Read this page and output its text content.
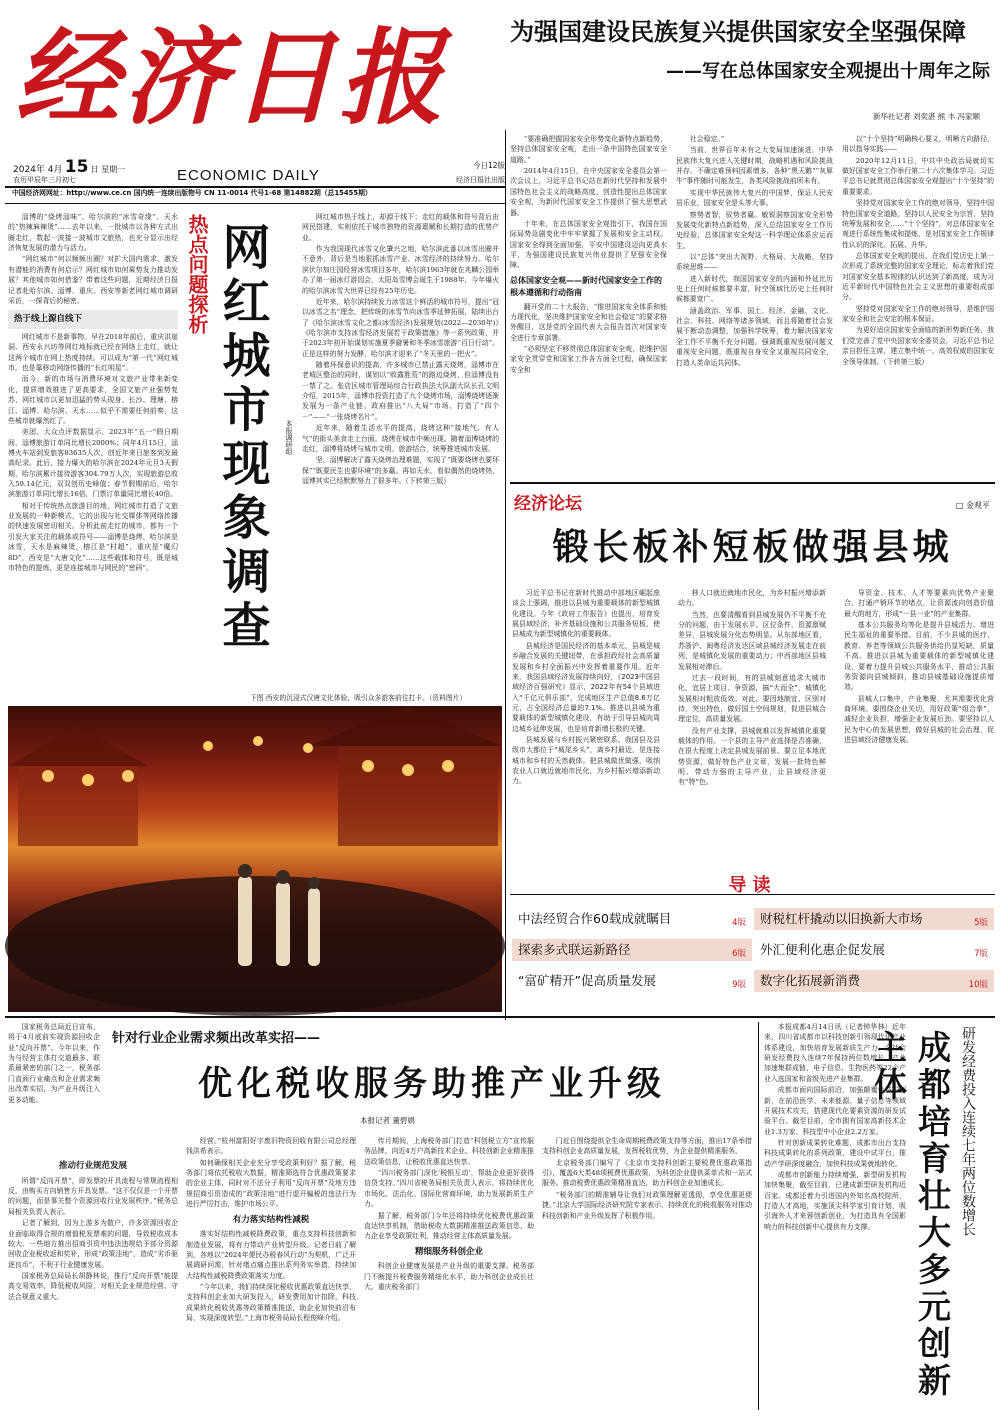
经济日报
2024年 4月 15 日 星期一
农历甲辰年三月初七	ECONOMIC DAILY
今日12版
经济日报社出版
中国经济网网址：http://www.ce.cn 国内统一连续出版物号 CN 11-0014 代号1-68 第14882期（总15455期）
为强国建设民族复兴提供国家安全坚强保障
——写在总体国家安全观提出十周年之际
新华社记者 刘奕湛 熊 丰 冯家顺

“要准确把握国家安全形势变化新特点新趋势，坚持总体国家安全观，走出一条中国特色国家安全道路。”

2014年4月15日，在中央国家安全委员会第一次会议上，习近平总书记站在新时代坚持和发展中国特色社会主义的战略高度，创造性提出总体国家安全观，为新时代国家安全工作提供了强大思想武器。

十年来，在总体国家安全观指引下，我国在国际局势急剧变化中牢牢掌握了发展和安全主动权。国家安全得到全面加强，平安中国建设迈向更高水平，为强国建设民族复兴伟业提供了坚强安全保障。

总体国家安全观——新时代国家安全工作的根本遵循和行动指南

翻开党的二十大报告，“推进国家安全体系和能力现代化，坚决维护国家安全和社会稳定”的要求格外醒目，这是党的全国代表大会报告首次对国家安全进行专章部署。

“必须坚定不移贯彻总体国家安全观，把维护国家安全贯穿党和国家工作各方面全过程，确保国家安全和

社会稳定。”

当前，世界百年未有之大变局加速演进，中华民族伟大复兴进入关键时期，战略机遇和风险挑战并存、不确定难预料因素增多，各种“黑天鹅”“灰犀牛”事件随时可能发生，各类风险挑战前所未有。

实现中华民族伟大复兴的中国梦，保证人民安居乐业，国家安全是头等大事。

察势者智，驭势者赢。敏锐洞察国家安全形势发展变化新特点新趋势，深入总结国家安全工作历史经验，总体国家安全观这一科学理论体系应运而生。

以“总体”突出大视野、大格局、大战略，坚持系统思维——

进入新时代，我国国家安全的内涵和外延比历史上任何时候都要丰富，时空领域比历史上任何时候都要宽广。

涵盖政治、军事、国土、经济、金融、文化、社会、科技、网络等诸多领域，而且将随着社会发展不断动态调整，加强科学统筹，着力解决国家安全工作不平衡不充分问题。强调既重视发展问题又重视安全问题，既重视自身安全又重视共同安全，打造人类命运共同体。

以“十个坚持”明确核心要义，明晰方向路径，用以指导实践——

2020年12月11日，中共中央政治局就切实做好国家安全工作举行第二十六次集体学习。习近平总书记就贯彻总体国家安全观提出“十个坚持”的重要要求。

坚持党对国家安全工作的绝对领导，坚持中国特色国家安全道路，坚持以人民安全为宗旨，坚持统筹发展和安全……“十个坚持”，对总体国家安全观进行系统性集成和提炼，是对国家安全工作规律性认识的深化、拓展、升华。

总体国家安全观的提出，在我们党历史上第一次形成了系统完整的国家安全理论，标志着我们党对国家安全基本规律的认识达到了新高度，成为习近平新时代中国特色社会主义思想的重要组成部分。

坚持党对国家安全工作的绝对领导，是维护国家安全和社会安定的根本保证。

为更好适应国家安全面临的新形势新任务，我们党完善了党中央国家安全委员会，习近平总书记亲自担任主席，建立集中统一、高效权威的国家安全领导体制。（下转第三版）

淄博的“烧烤淄味”、哈尔滨的“冰雪奇缘”、天水的“热辣麻辣烫”……去年以来，一批城市以各种方式出圈走红，数起一波接一波城市文旅热，也充分显示出经济恢复发展的潜力与活力。

“网红城市”何以频频出圈？对扩大国内需求、激发有潜能的消费有何启示？网红城市如何乘势发力推动发展？其他城市如何借鉴？带着这些问题，近期经济日报记者赴哈尔滨、淄博、重庆、西安等新老网红城市调研采访，一探背后的秘密。

热于线上源自线下

网红城市不是新事物。早在2018年前后，重庆洪崖洞、西安永兴坊等网红地标就已经在网络上走红，就让这两个城市在网上热度持续。可以成为“第一代”网红城市，也是靠移动网络传播的“长红明星”。

而今，新的市场与消费环境对文旅产业带来新变化，提质增效推进了更高要求，全国文旅产业强势复苏，网红城市以更加迅猛的势头现身。长沙、理塘、榕江、淄博、哈尔滨、天水……似乎不需要任何前奏，这些城市就爆然红了。

美团、大众点评数据显示，2023年“五一”假日期间，淄博旅游订单同比增长2000%；同年4月15日，淄博火车站到发旅客83635人次，创近年来日旅客到发最高纪录。此后，接力爆火的哈尔滨在2024年元旦3天假期，哈尔滨累计接待游客304.79万人次，实现旅游总收入59.14亿元，双双创历史峰值；春节假期前后，哈尔滨旅游订单同比增长16倍，门票订单量同比增长40倍。

相对于传统热点旅游目的地，网红城市打造了文旅业发展的一种新模式，它的出现与社交媒体等网络传播的快速发展密切相关。分析此前走红的城市，都有一个引发大家关注的载体或符号——淄博是烧烤，哈尔滨是冰雪，天水是麻辣烫，榕江是“村超”，重庆是“魔幻8D”，西安是“大唐文化”……这些载体和符号，既是城市特色的提炼，更是连接城市与网民的“密码”。

热点问题探析 网红城市现象调查	本报调研组

网红城市热于线上，却源于线下；走红的载体和符号背后由网民搭建，实则依托于城市独特的资源禀赋和长期打造的优势产业。

作为我国现代冰雪文化肇兴之地，哈尔滨此番以冰雪出圈并不意外，背后是当地狠抓冰雪产业、冰雪经济的持续努力。哈尔滨伏尔加庄园经营冰雪项目多年，哈尔滨1963年就在兆麟公园举办了第一届冰灯游园会，太阳岛雪博会诞生于1988年，今年爆火的哈尔滨冰雪大世界已经有25年历史。

近年来，哈尔滨持续发力冰雪这个鲜活的城市符号，提出“冠以冰雪之名”理念，把传统的冰雪节向冰雪季延伸拓展，陆续出台了《哈尔滨冰雪文化之都(冰雪经济)发展规划(2022—2030年)》《哈尔滨市支持冰雪经济发展若干政策措施》等一系列政策，并于2023年初开始谋划实施夏季避暑和冬季冰雪旅游“百日行动”。正是这样的努力发酵，哈尔滨才迎来了“冬天里的一把火”。

随着环保意识的提高，许多城市已禁止露天烧烤，淄博市在老城区整治的同时，谋划以“败露胜荒”的路边烧烤，但淄博没有一禁了之。张店区城市管理局综合行政执法大队副大队长孔文明介绍，2015年，淄博市投资打造了九个烧烤市场，淄博烧烤逐渐发展为一条产业链。政府推出“八大局”市场、打造了“四个一”——“一张烧烤名片”。

近年来，随着生活水平的提高，烧烤这种“接地气、有人气”的街头美食走上台面。烧烤在城市中频出现。随着淄博烧烤的走红，淄博将烧烤与城市文明、旅游结合，统筹推进城市发展。

坚，淄博解决了露天烧烤治理难题，实现了“既要烧烤也要环保”“既要民生也要环境”的多赢。再如天水，看似偶然的烧烤热，淄博其实已经默默努力了很多年。（下转第三版）

下图 西安的沉浸式汉唐文化体验，吸引众多游客前往打卡。（资料图片）
经济论坛	□ 金观平
锻长板补短板做强县城

习近平总书记在新时代推动中部地区崛起座谈会上强调，推进以县城为重要载体的新型城镇化建设。今年《政府工作报告》也提出，培育发展县域经济，补齐基础设施和公共服务短板，使县城成为新型城镇化的重要载体。

县城经济是国民经济的基本单元，县城是城乡融合发展的关键纽带，在承担政经社会高质量发展和乡村全面振兴中发挥着重要作用。近年来，我国县域经济发展持续向好，《2023中国县域经济百强研究》显示，2022年有54个县域进入“千亿元俱乐部”，完成地区生产总值8.6万亿元，占全国经济总量的7.1%。推进以县城为重要载体的新型城镇化建设，有助于引导县城向周边城乡延伸发展，也是培育新增长极的关键。

县城发展与乡村振兴紧密联系。我国县及县级市大都位于“城尾乡头”，离乡村最近，是连接城市和乡村的天然载体。把县城做优做强，吸纳农业人口就近就地市民化，为乡村振兴增添新动力。

移人口就近就地市民化，为乡村振兴增添新动力。

当然，也要清醒看到县城发展仍不平衡不充分的问题，由于发展水平、区位条件、资源禀赋差异，县城发展分化态势明显。从东部地区看，苏浙沪、闽粤经济发达区域县城经济发展走在前列，是城镇化发展的重要动力；中西部地区县城发展相对滞后。

过去一段时间，有的县城刻意追求大城市化，宜居上项目、争资源，搞“大而全”，城镇化发展相对粗放低效。对此，要因地制宜，区别对待，突出特色，做好国土空间规划，促进县城合理定位，高质量发展。

没有产业支撑，县城就难以发挥城镇化重要载体的作用。一个县的主导产业选择是否准确，在很大程度上决定县城发展前景。要立足本地优势资源，做好特色产业文章，发展一批特色鲜明、带动力强的主导产业，让县域经济更有“特”色。

导资金、技术、人才等要素向优势产业聚合，打通产销环节的堵点，让资源流向创造价值最大的地方，形成“一县一业”的产业集群。

基本公共服务均等化是提升县城活力、增进民生福祉的重要举措。目前，不少县城的医疗、教育、养老等领域公共服务供给仍显短缺，质量不高。推进以县城为重要载体的新型城镇化建设，要着力提升县城公共服务水平，推动公共服务资源向县城倾斜，推动县城基础设施提质增效。

县城人口集中，产业集聚，尤其需要优化营商环境。要围绕企业关切，用好政策“组合拳”，减轻企业负担，增强企业发展后劲。要坚持以人民为中心的发展思想，做好县城的社会治理，促进县域经济健康发展。

导读
中法经贸合作60载成就瞩目	4版	财税杠杆撬动以旧换新大市场	5版
探索多式联运新路径	6版	外汇便利化惠企促发展	7版
“富矿精开”促高质量发展	9版	数字化拓展新消费	10版

国家税务总局近日宣布，将于4月底前实现资源回收企业“反向开票”。今年以来，作为与经营主体打交道最多、联系最紧密的部门之一，税务部门直面行业痛点和企业需求频出改革实招，为产业升级注入更多动能。

针对行业企业需求频出改革实招——
优化税收服务助推产业升级
本报记者 董碧娟
推动行业规范发展

所谓“反向开票”，即发票的开具流程与常规流程相反，由购买方向销售方开具发票。“这不仅仅是一个开票的问题，而是事关整个资源回收行业发展秩序。”税务总局相关负责人表示。

记者了解到，因为上游多为散户，许多资源回收企业面临取得合规的增值税发票难的问题，导致税收成本较大、一些地方推出招商引资中违法违规给予部分资源回收企业税收返和奖补，形成“政策洼地”，造成“劣币驱逐良币”，不利于行业健康发展。

国家税务总局局长胡静林说，推行“反向开票”能提高交易效率，降低税收风险，对相关企业规范经营、守法合规意义重大。

经营。”杭州富阳好宇废旧物资回收有限公司总经理钱洪希表示。

如何确保相关企业充分享受政策利好？据了解，税务部门将依托税收大数据，精准筛选符合优惠政策要求的企业主体，同时对不法分子利用“反向开票”及地方违规招商引资造成的“政策洼地”进行虚开骗税的违法行为进行严厉打击，维护市场公平。

有力落实结构性减税

落实好结构性减税降费政策，重点支持科技创新和制造业发展，将有力带动产业转型升级。记者日前了解到，各地以“2024年便民办税春风行动”为契机，广泛开展调研问需，针对堵点痛点推出系列务实举措，持续加大结构性减税降费政策落实力度。

“今年以来，我们持续深化税收优惠政策直达快享，支持科创企业加大研发投入，研发费用加计扣除、科技成果转化税收优惠等政策精准推送，助企业加快前沿布局、实现深度转型。”上海市税务局局长程俊峰介绍。

传月期间，上海税务部门打造“科创税立方”宣传服务品牌，向近4万户高新技术企业、科技创新企业精准推送政策信息，让税收优惠直达快享。

“四川税务部门深化‘税银互动’，帮助企业更好获得信贷支持。”四川省税务局相关负责人表示，将持续优化市场化、法治化、国际化营商环境，助力发展新质生产力。

据了解，税务部门今年还将持续优化税费优惠政策直达快享机制，借助税收大数据精准推送政策信息，助力企业享受政策红利，推动经营主体高质量发展。

精细服务科创企业

科创企业健康发展是产业升级的重要支撑。税务部门不断提升税费服务精细化水平，助力科创企业成长壮大。重庆税务部门

门近日围绕提供全生命周期税费政策支持等方面，推出17条举措支持科创企业高质量发展，发挥税收优势，为企业提供精准服务。

北京税务部门编写了《北京市支持科创新主要税费优惠政策指引》，覆盖6大类48项税费优惠政策，为科创企业提供菜单式和一站式服务。推动税费优惠政策精准直达，助力科创企业加速成长。

“税务部门的精准辅导让我们对政策理解更透彻，享受优惠更便捷。”北京大学国际经济研究院专家表示，持续优化的税收服务对推动科技创新和产业升级发挥了积极作用。

本报成都4月14日讯（记者钟华林）近年来，四川省成都市以科技创新引领现代化产业体系建设，加快培育发展新质生产力。全社会研发经费投入连续7年保持两位数增长，产业加速集群成链，电子信息、生物医药等22个产业入选国家和省级先进产业集群。

成都市面向国际前沿，加强颠覆性技术创新，在前沿医学、未来能源、量子信息等领域开展技术攻关，搭建现代化要素资源的研发试验平台。截至目前，全市拥有国家高新技术企业1.3万家、科技型中小企业2.2万家。

针对创新成果转化难题，成都市出台支持科技成果转化的系列政策，建设中试平台，推动产学研深度融合，加快科技成果就地转化。

成都市创新能力持续增强，新型研发机构加快集聚，截至目前，已建成新型研发机构近百家。成都还着力引进国内外知名高校院所，打造人才高地，实施顶尖科学家引育计划，吸引海外人才来蓉创新创业，为打造具有全国影响力的科技创新中心提供有力支撑。	成都培育壮大多元创新主体	研发经费投入连续七年两位数增长
